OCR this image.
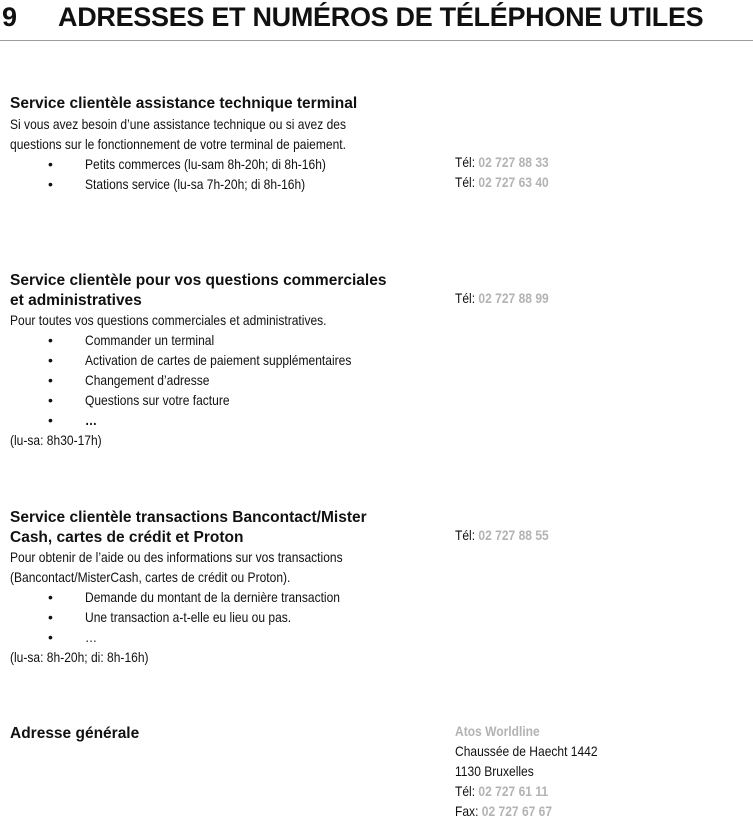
9 ADRESSES ET NUMÉROS DE TÉLÉPHONE UTILES
Service clientèle assistance technique terminal
Si vous avez besoin d’une assistance technique ou si avez des
questions sur le fonctionnement de votre terminal de paiement.
• Petits commerces (lu-sam 8h-20h; di 8h-16h)
• Stations service (lu-sa 7h-20h; di 8h-16h)
Tél: 02 727 88 33
Tél: 02 727 63 40
Service clientèle pour vos questions commerciales
et administratives
Pour toutes vos questions commerciales et administratives.
• Commander un terminal
• Activation de cartes de paiement supplémentaires
• Changement d’adresse
• Questions sur votre facture
• …
(lu-sa: 8h30-17h)
Tél: 02 727 88 99
Service clientèle transactions Bancontact/Mister
Cash, cartes de crédit et Proton
Pour obtenir de l’aide ou des informations sur vos transactions
(Bancontact/MisterCash, cartes de crédit ou Proton).
• Demande du montant de la dernière transaction
• Une transaction a-t-elle eu lieu ou pas.
• …
(lu-sa: 8h-20h; di: 8h-16h)
Tél: 02 727 88 55
Adresse générale	Atos Worldline
Chaussée de Haecht 1442
1130 Bruxelles
Tél: 02 727 61 11
Fax: 02 727 67 67
